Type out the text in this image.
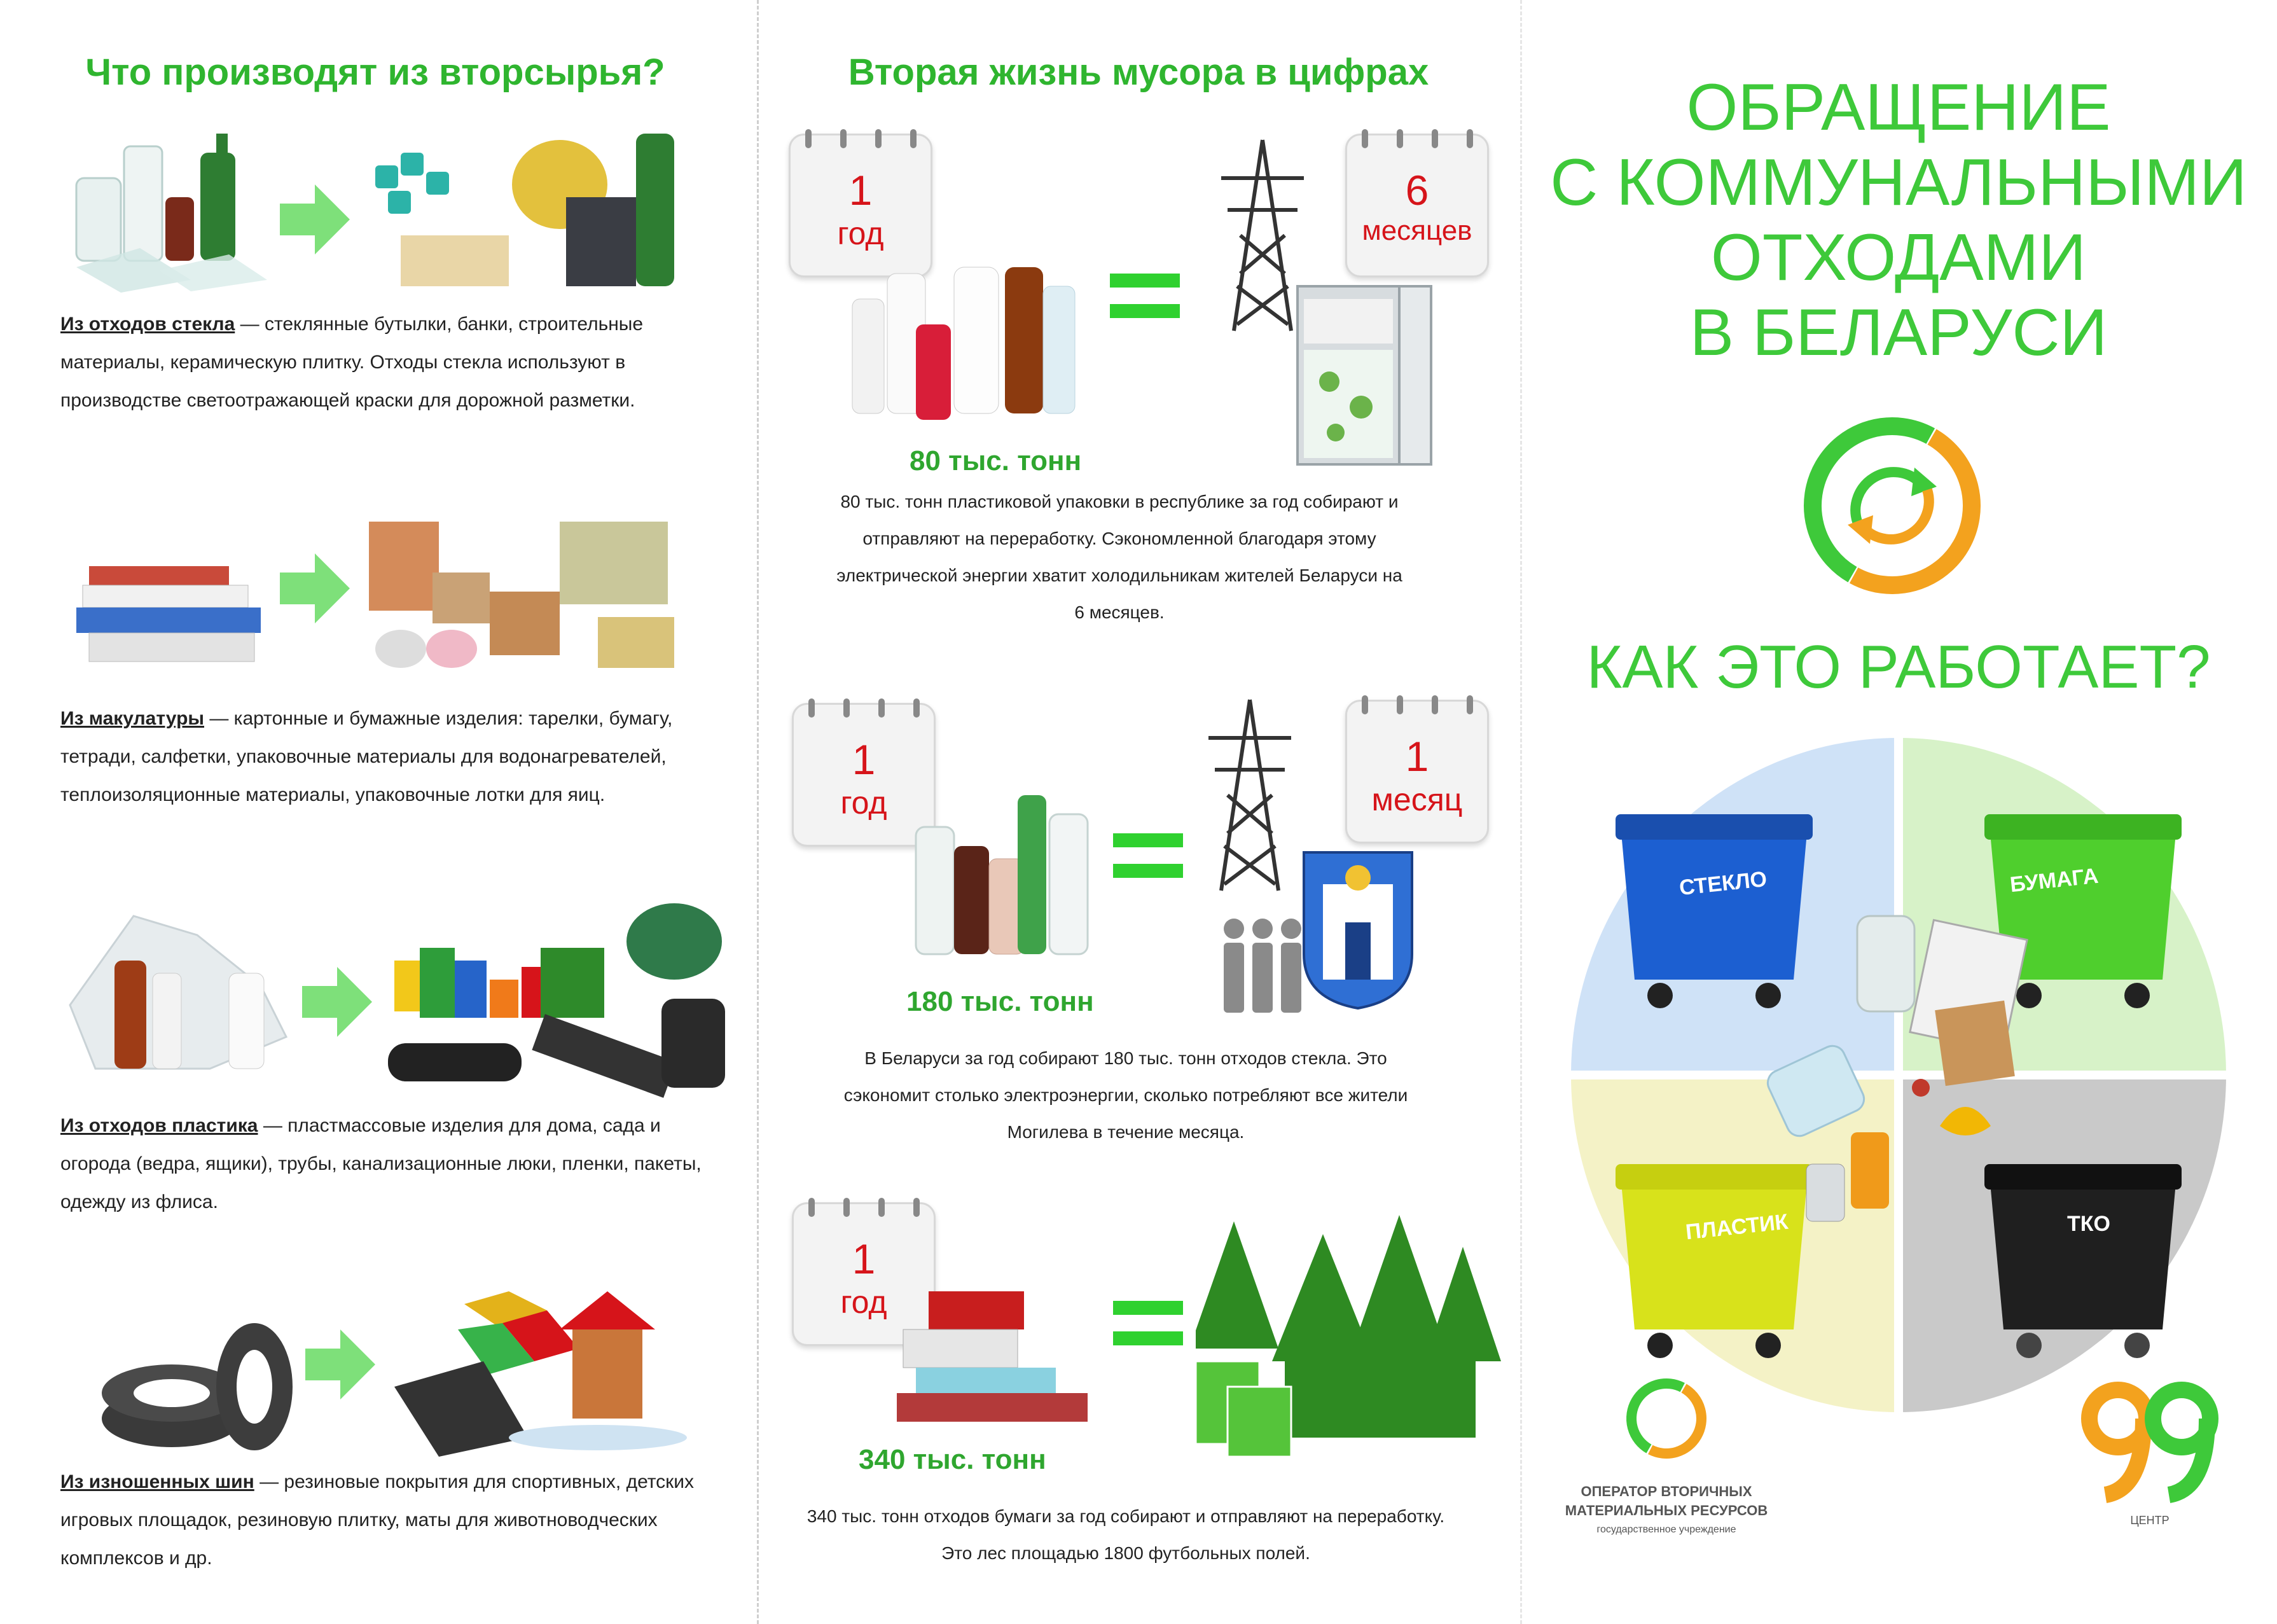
Что производят из вторсырья?
Из отходов стекла — стеклянные бутылки, банки, строительные материалы, керамическую плитку. Отходы стекла используют в производстве светоотражающей краски для дорожной разметки.
Из макулатуры — картонные и бумажные изделия: тарелки, бумагу, тетради, салфетки, упаковочные материалы для водонагревателей, теплоизоляционные материалы, упаковочные лотки для яиц.
Из отходов пластика — пластмассовые изделия для дома, сада и огорода (ведра, ящики), трубы, канализационные люки, пленки, пакеты, одежду из флиса.
Из изношенных шин — резиновые покрытия для спортивных, детских игровых площадок, резиновую плитку, маты для животноводческих комплексов и др.
Вторая жизнь мусора в цифрах
1
год
6
месяцев
80 тыс. тонн
80 тыс. тонн пластиковой упаковки в республике за год собирают и отправляют на переработку. Сэкономленной благодаря этому электрической энергии хватит холодильникам жителей Беларуси на 6 месяцев.
1
год
1
месяц
180 тыс. тонн
В Беларуси за год собирают 180 тыс. тонн отходов стекла. Это сэкономит столько электроэнергии, сколько потребляют все жители Могилева в течение месяца.
1
год
340 тыс. тонн
340 тыс. тонн отходов бумаги за год собирают и отправляют на переработку. Это лес площадью 1800 футбольных полей.
ОБРАЩЕНИЕ
С КОММУНАЛЬНЫМИ
ОТХОДАМИ
В БЕЛАРУСИ
КАК ЭТО РАБОТАЕТ?
СТЕКЛО	БУМАГА
ПЛАСТИК	ТКО
ОПЕРАТОР ВТОРИЧНЫХ
МАТЕРИАЛЬНЫХ РЕСУРСОВ
государственное учреждение
ЦЕНТР
